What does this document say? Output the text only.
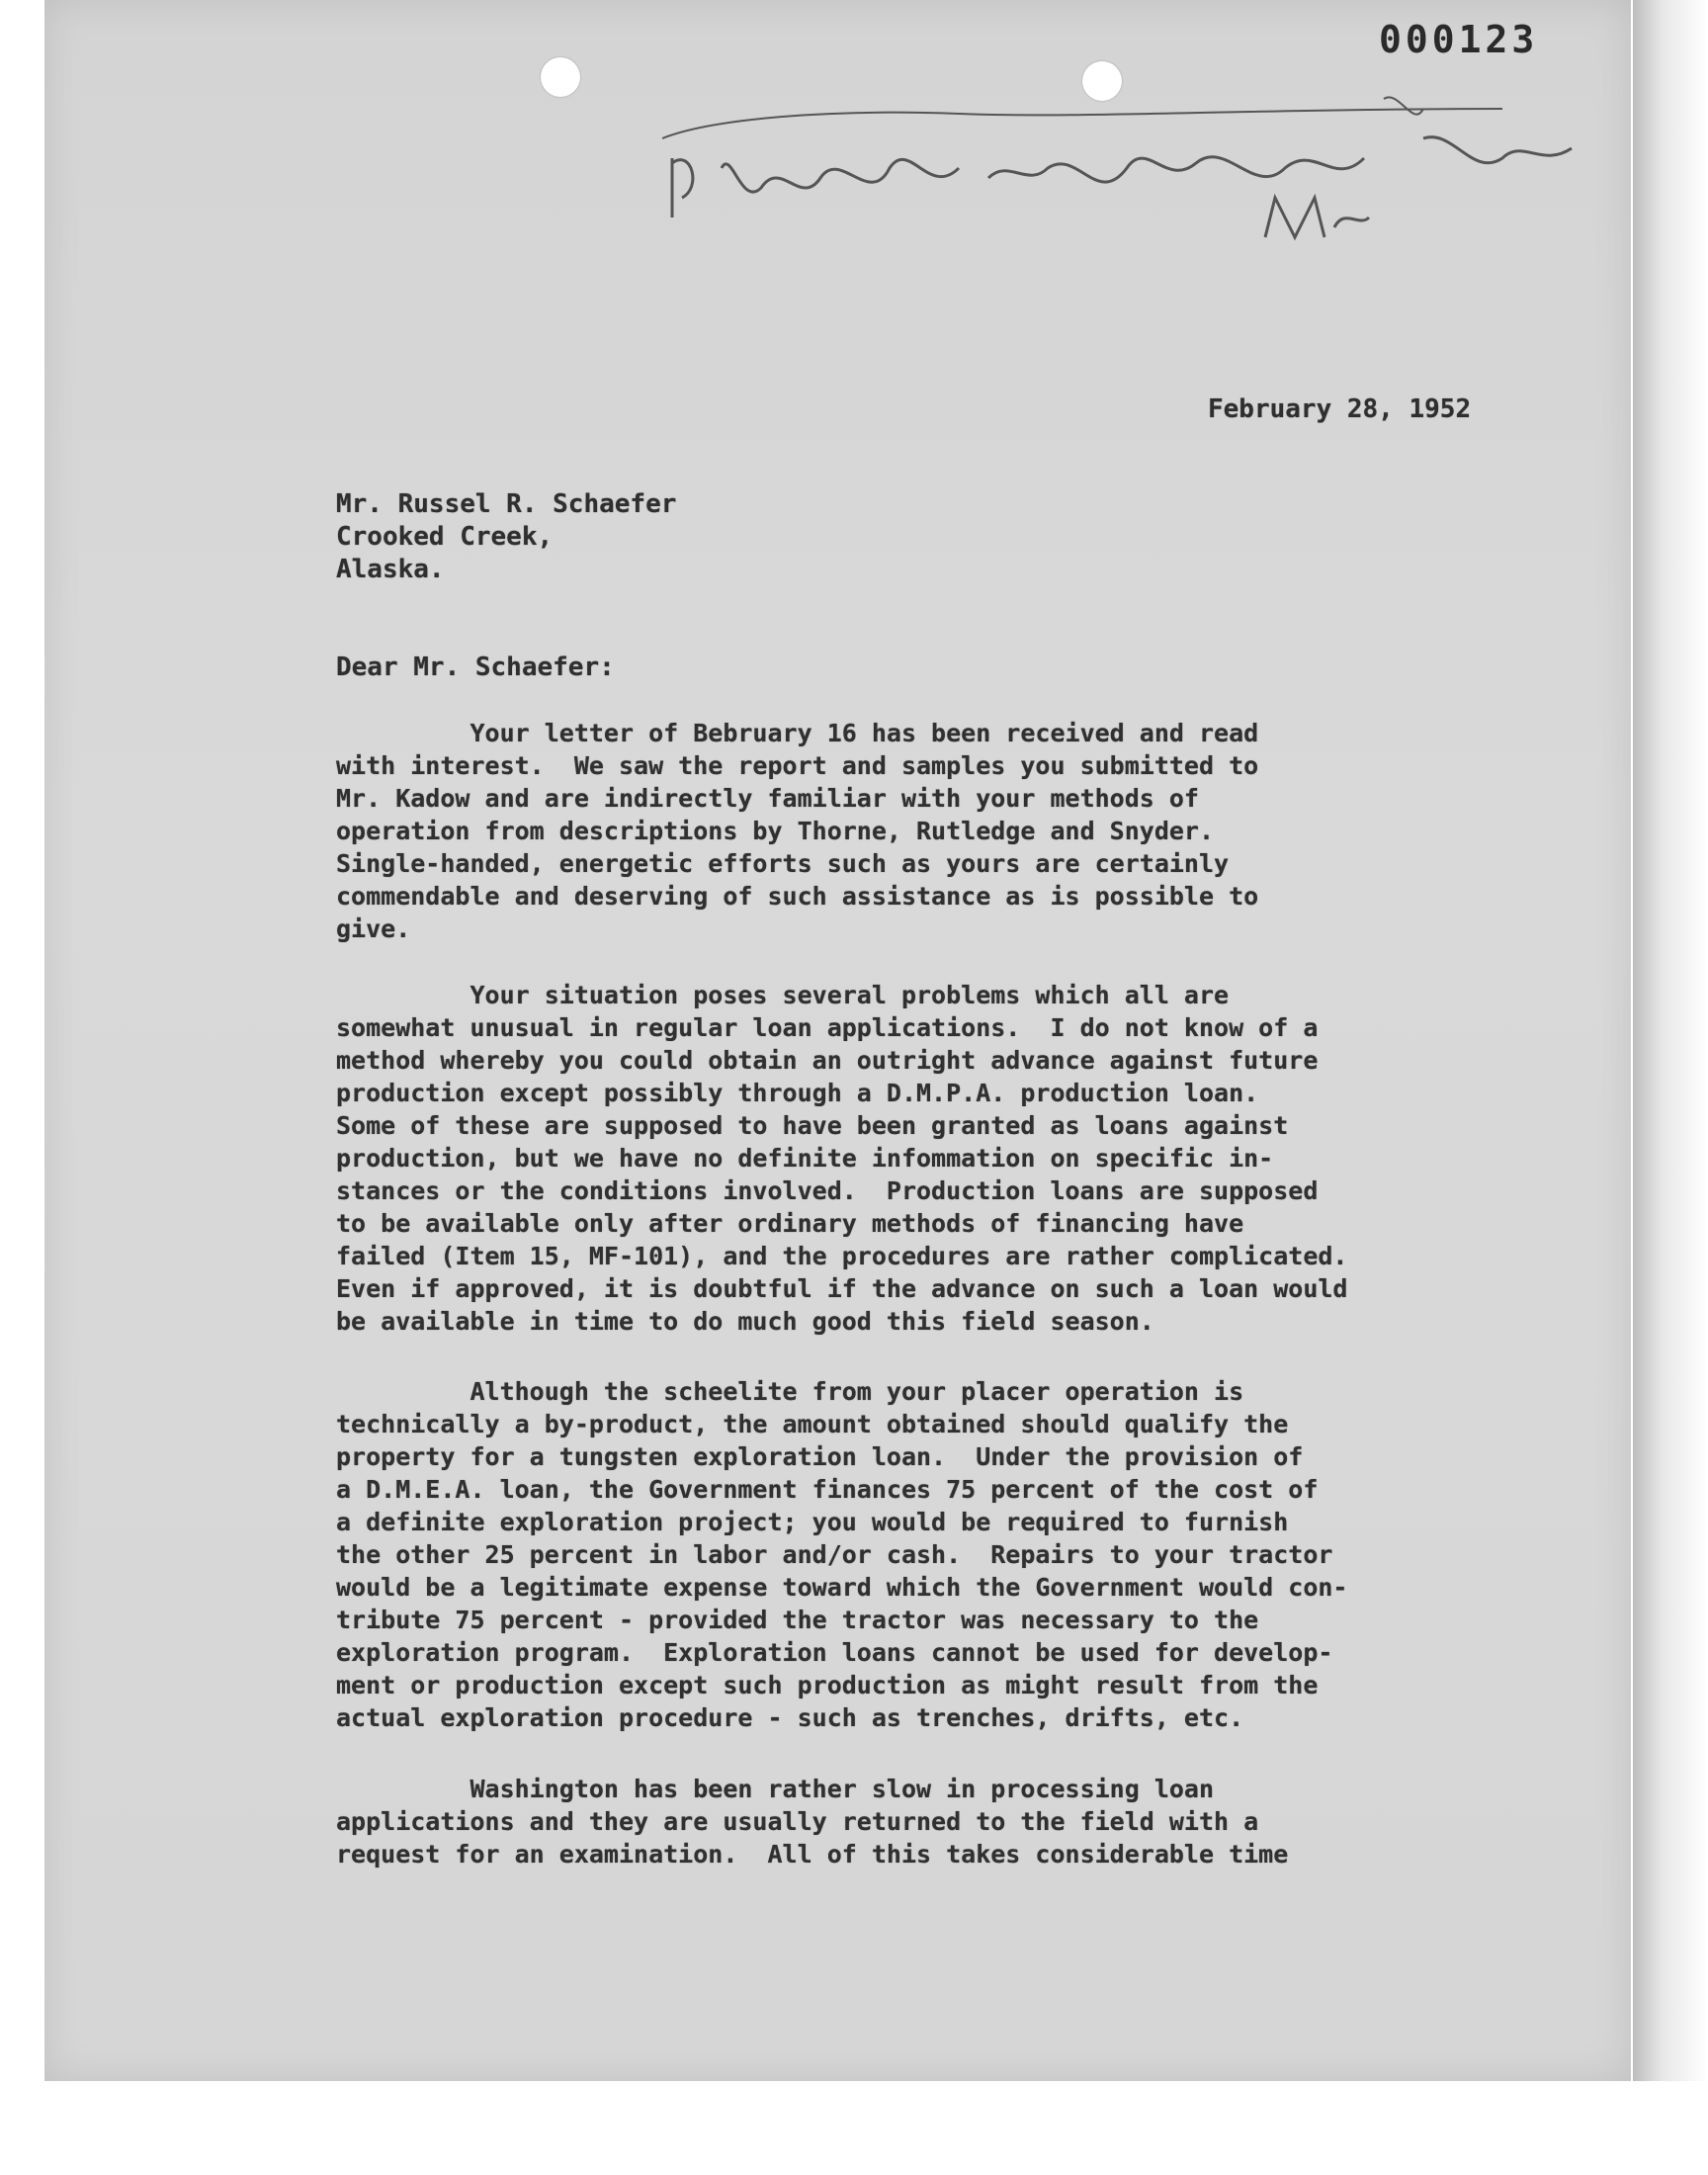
000123
February 28, 1952
Mr. Russel R. Schaefer
Crooked Creek,
Alaska.
Dear Mr. Schaefer:
Your letter of Bebruary 16 has been received and read
with interest.  We saw the report and samples you submitted to
Mr. Kadow and are indirectly familiar with your methods of
operation from descriptions by Thorne, Rutledge and Snyder.
Single-handed, energetic efforts such as yours are certainly
commendable and deserving of such assistance as is possible to
give.
Your situation poses several problems which all are
somewhat unusual in regular loan applications.  I do not know of a
method whereby you could obtain an outright advance against future
production except possibly through a D.M.P.A. production loan.
Some of these are supposed to have been granted as loans against
production, but we have no definite infommation on specific in-
stances or the conditions involved.  Production loans are supposed
to be available only after ordinary methods of financing have
failed (Item 15, MF-101), and the procedures are rather complicated.
Even if approved, it is doubtful if the advance on such a loan would
be available in time to do much good this field season.
Although the scheelite from your placer operation is
technically a by-product, the amount obtained should qualify the
property for a tungsten exploration loan.  Under the provision of
a D.M.E.A. loan, the Government finances 75 percent of the cost of
a definite exploration project; you would be required to furnish
the other 25 percent in labor and/or cash.  Repairs to your tractor
would be a legitimate expense toward which the Government would con-
tribute 75 percent - provided the tractor was necessary to the
exploration program.  Exploration loans cannot be used for develop-
ment or production except such production as might result from the
actual exploration procedure - such as trenches, drifts, etc.
Washington has been rather slow in processing loan
applications and they are usually returned to the field with a
request for an examination.  All of this takes considerable time
